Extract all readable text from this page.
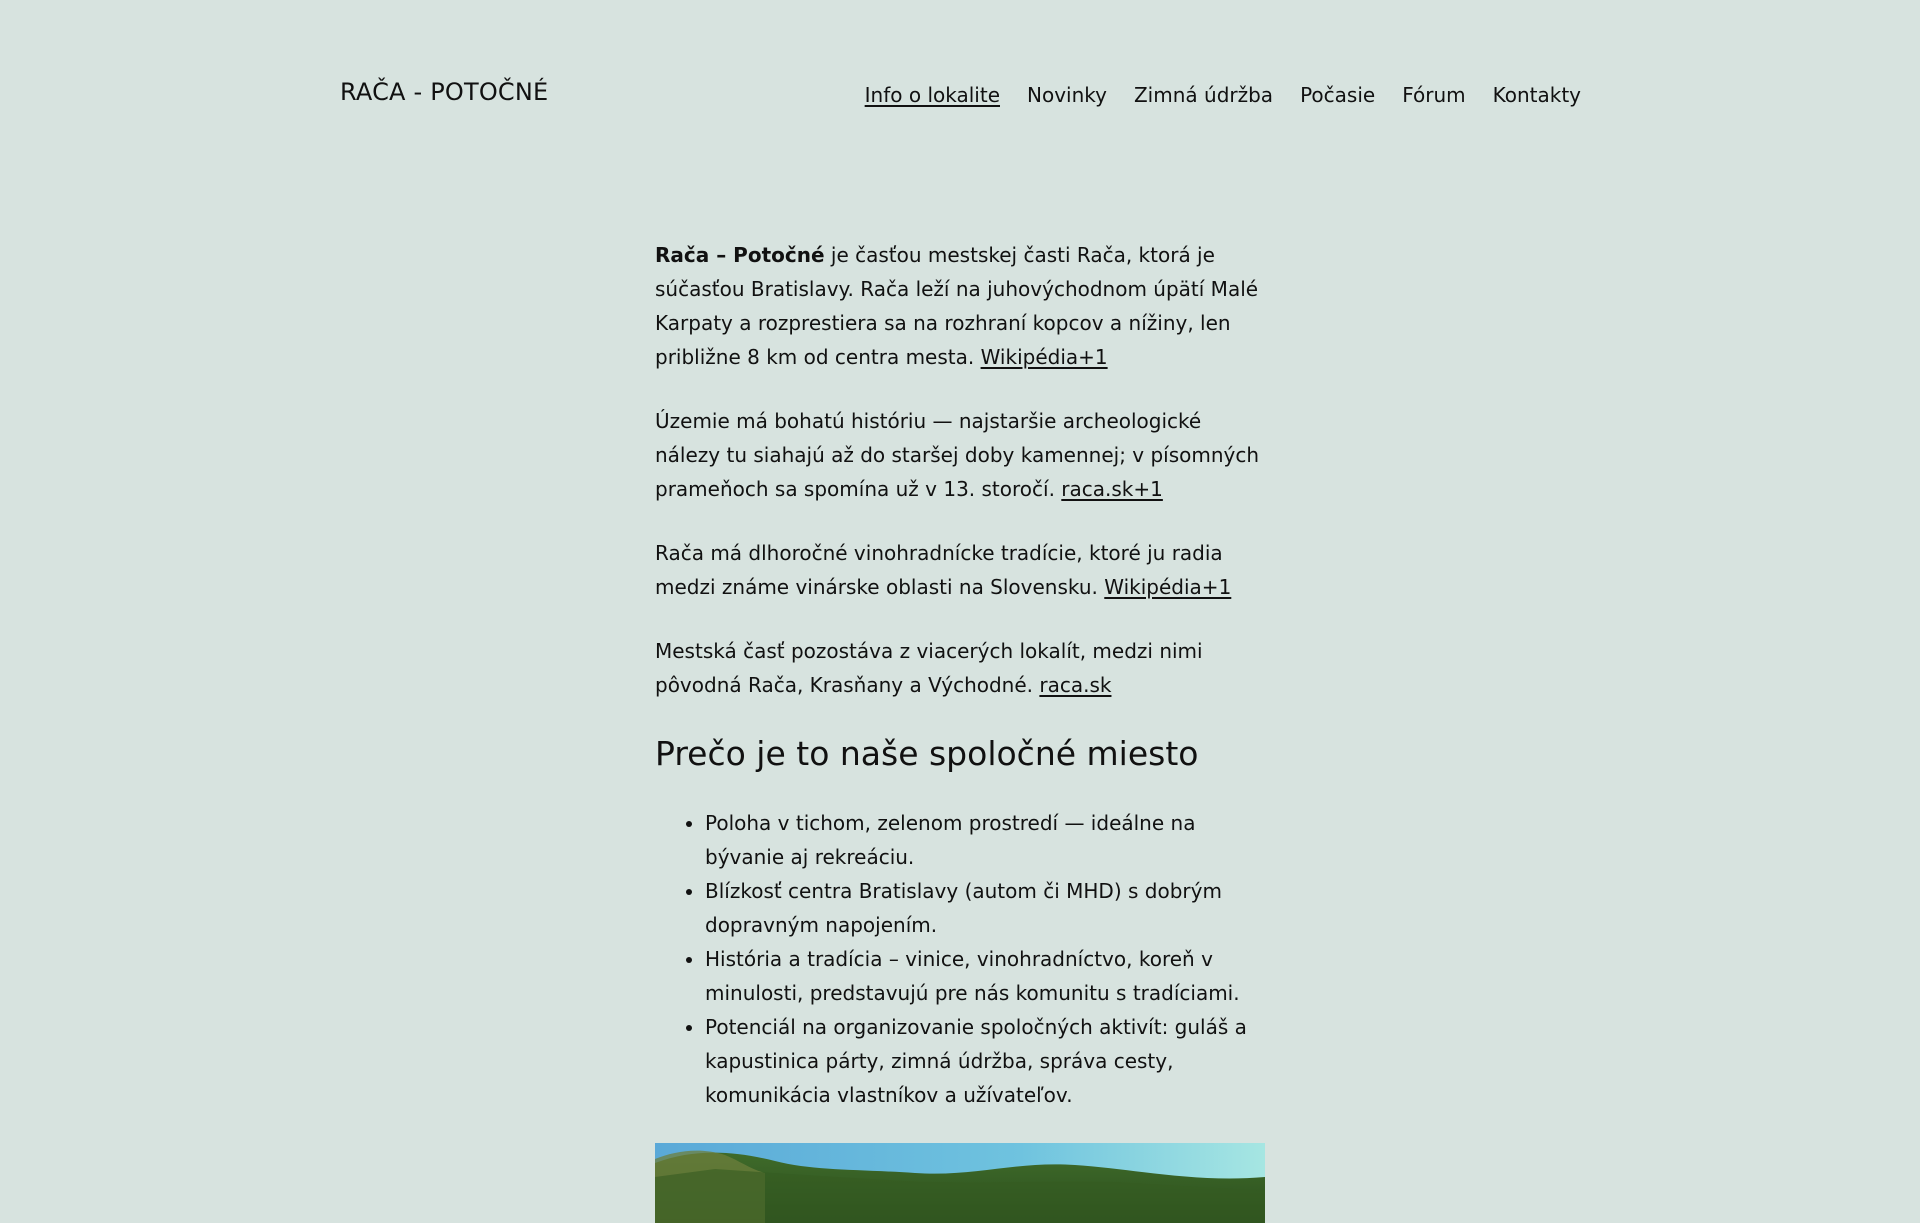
RAČA - POTOČNÉ	Info o lokalite Novinky Zimná údržba Počasie Fórum Kontakty

Rača – Potočné je časťou mestskej časti Rača, ktorá je súčasťou Bratislavy. Rača leží na juhovýchodnom úpätí Malé Karpaty a rozprestiera sa na rozhraní kopcov a nížiny, len približne 8 km od centra mesta. Wikipédia+1

Územie má bohatú históriu — najstaršie archeologické nálezy tu siahajú až do staršej doby kamennej; v písomných prameňoch sa spomína už v 13. storočí. raca.sk+1

Rača má dlhoročné vinohradnícke tradície, ktoré ju radia medzi známe vinárske oblasti na Slovensku. Wikipédia+1

Mestská časť pozostáva z viacerých lokalít, medzi nimi pôvodná Rača, Krasňany a Východné. raca.sk

Prečo je to naše spoločné miesto
• Poloha v tichom, zelenom prostredí — ideálne na bývanie aj rekreáciu.
• Blízkosť centra Bratislavy (autom či MHD) s dobrým dopravným napojením.
• História a tradícia – vinice, vinohradníctvo, koreň v minulosti, predstavujú pre nás komunitu s tradíciami.
• Potenciál na organizovanie spoločných aktivít: guláš a kapustinica párty, zimná údržba, správa cesty, komunikácia vlastníkov a užívateľov.
